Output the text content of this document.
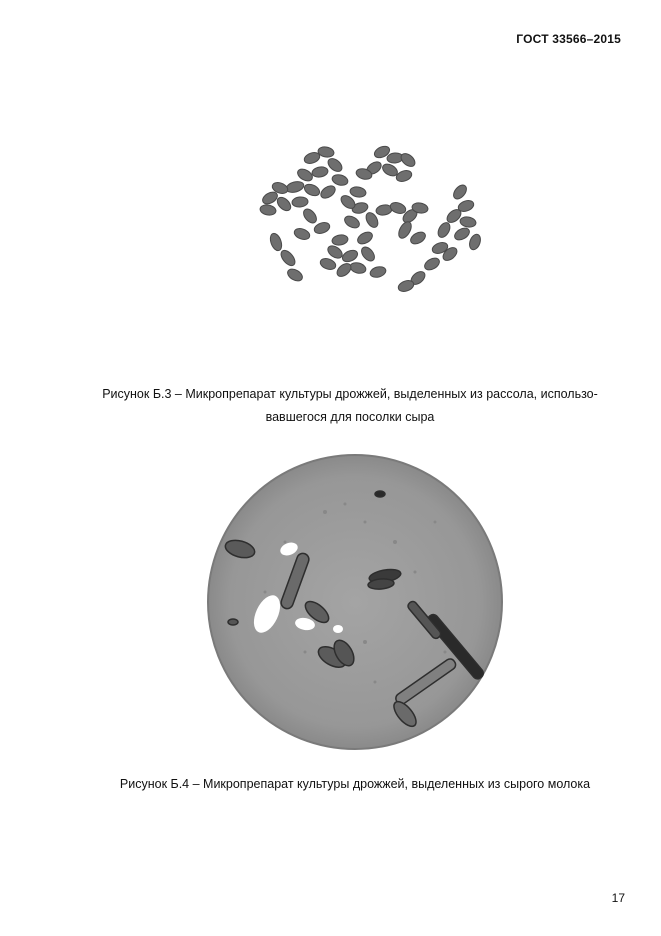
ГОСТ 33566–2015
Рисунок Б.3 – Микропрепарат культуры дрожжей, выделенных из рассола, использо-
вавшегося для посолки сыра
Рисунок Б.4 – Микропрепарат культуры дрожжей, выделенных из сырого молока
17
